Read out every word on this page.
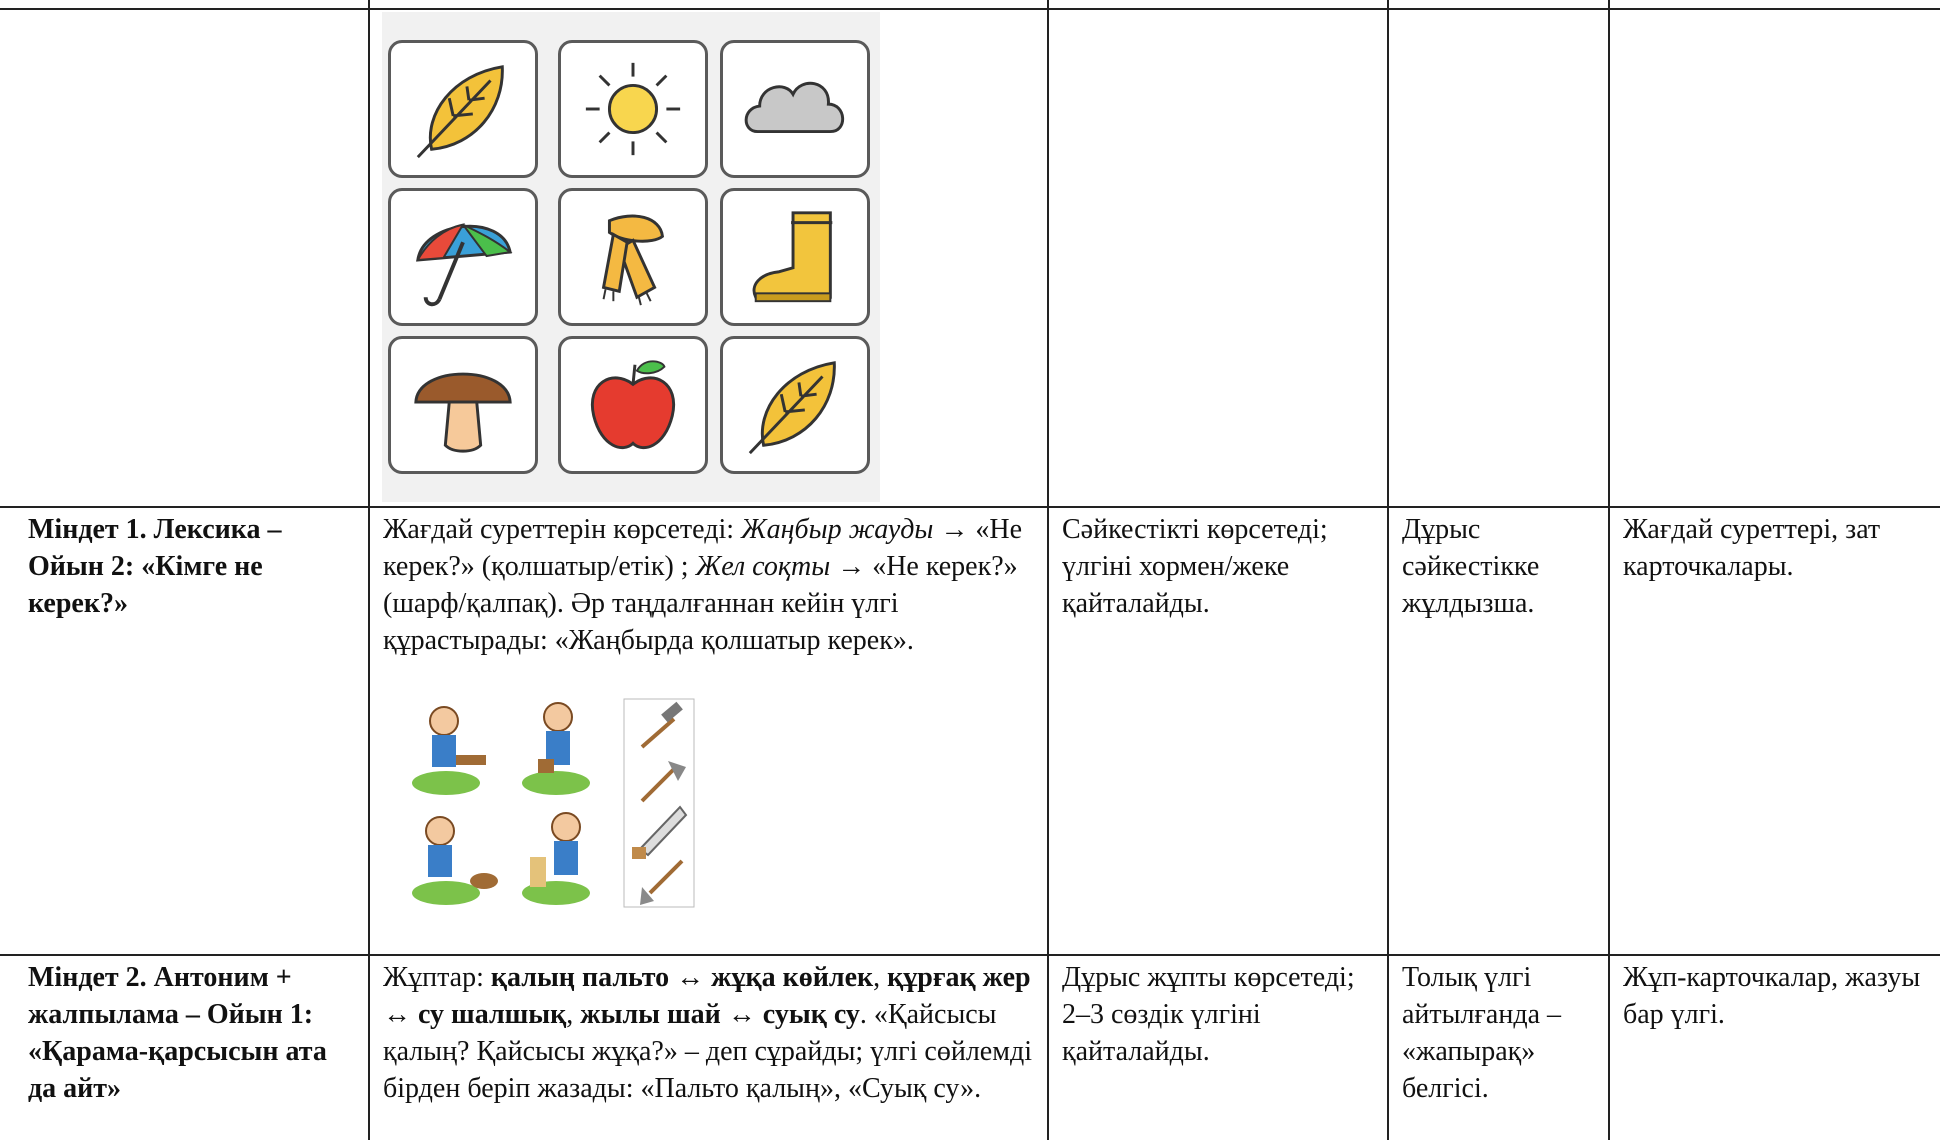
Міндет 1. Лексика – Ойын 2: «Кімге не керек?»
Жағдай суреттерін көрсетеді: Жаңбыр жауды → «Не керек?» (қолшатыр/етік) ; Жел соқты → «Не керек?» (шарф/қалпақ). Әр таңдалғаннан кейін үлгі құрастырады: «Жаңбырда қолшатыр керек».
Сәйкестікті көрсетеді; үлгіні хормен/жеке қайталайды.
Дұрыс сәйкестікке жұлдызша.
Жағдай суреттері, зат карточкалары.
Міндет 2. Антоним + жалпылама – Ойын 1: «Қарама-қарсысын ата да айт»
Жұптар: қалың пальто ↔ жұқа көйлек, құрғақ жер ↔ су шалшық, жылы шай ↔ суық су. «Қайсысы қалың? Қайсысы жұқа?» – деп сұрайды; үлгі сөйлемді бірден беріп жазады: «Пальто қалың», «Суық су».
Дұрыс жұпты көрсетеді; 2–3 сөздік үлгіні қайталайды.
Толық үлгі айтылғанда – «жапырақ» белгісі.
Жұп-карточкалар, жазуы бар үлгі.
